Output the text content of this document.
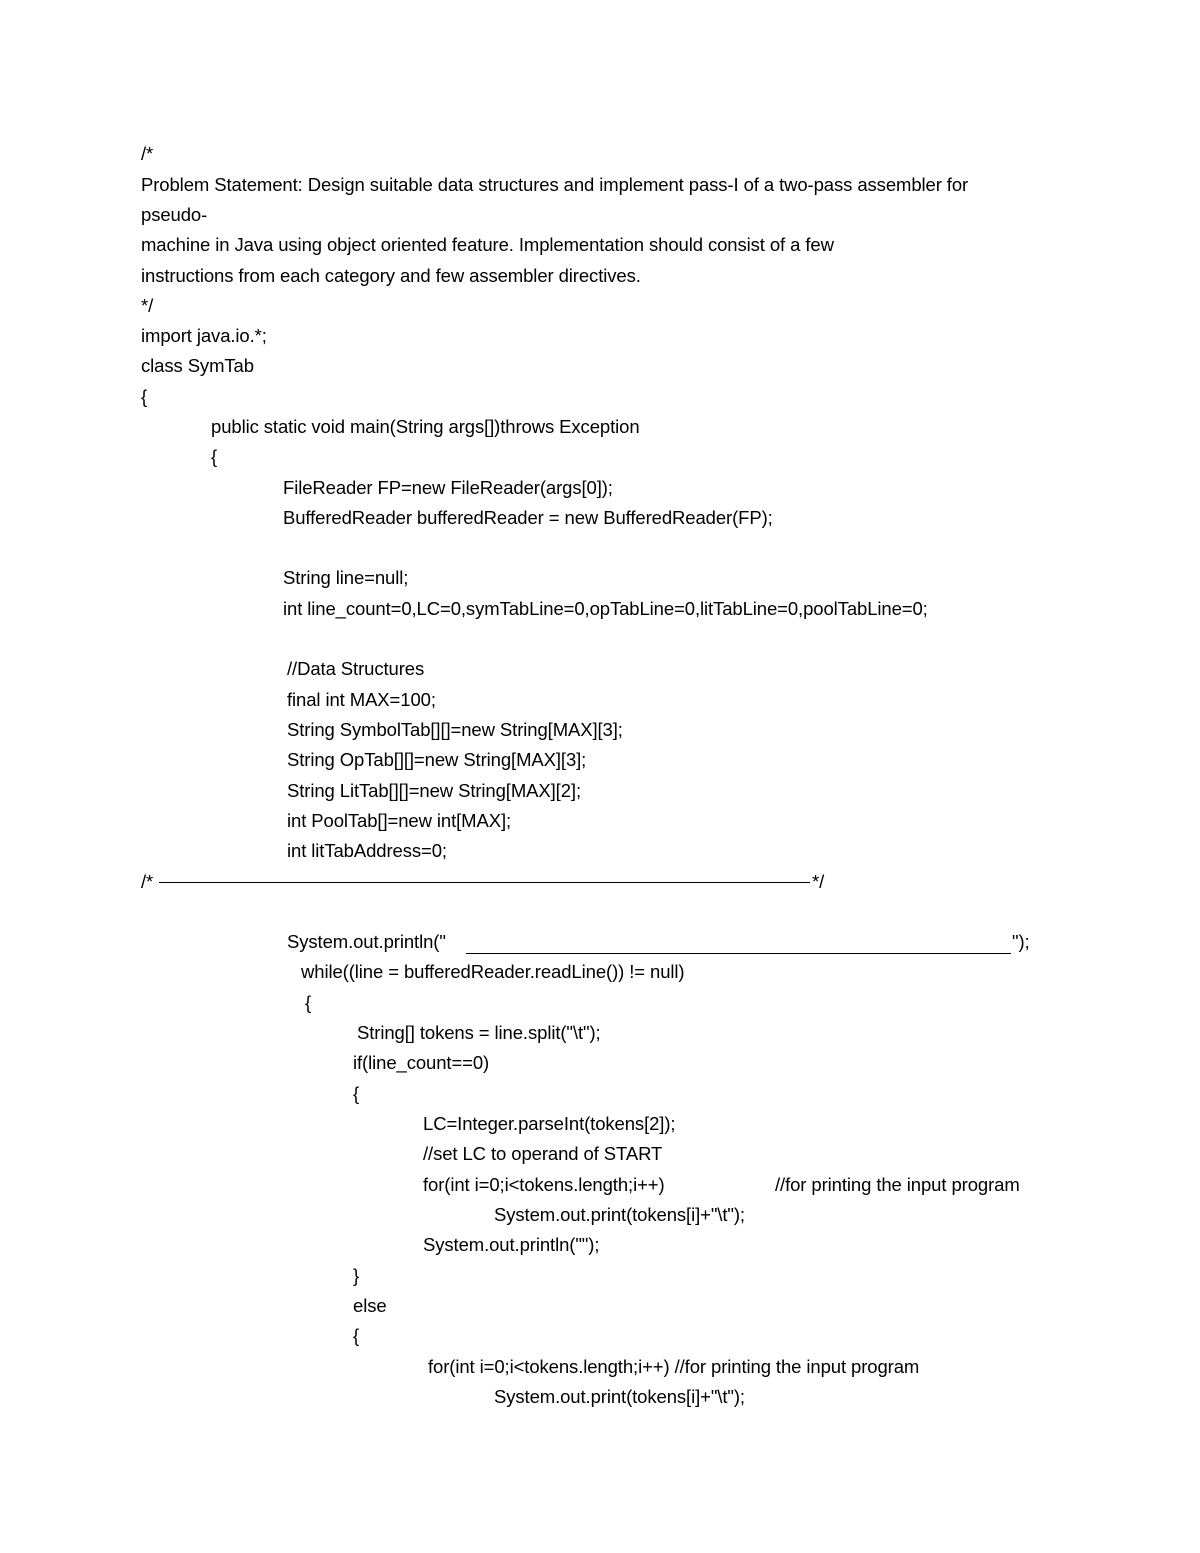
/*
Problem Statement: Design suitable data structures and implement pass-I of a two-pass assembler for
pseudo-
machine in Java using object oriented feature. Implementation should consist of a few
instructions from each category and few assembler directives.
*/
import java.io.*;
class SymTab
{
public static void main(String args[])throws Exception
{
FileReader FP=new FileReader(args[0]);
BufferedReader bufferedReader = new BufferedReader(FP);
String line=null;
int line_count=0,LC=0,symTabLine=0,opTabLine=0,litTabLine=0,poolTabLine=0;
//Data Structures
final int MAX=100;
String SymbolTab[][]=new String[MAX][3];
String OpTab[][]=new String[MAX][3];
String LitTab[][]=new String[MAX][2];
int PoolTab[]=new int[MAX];
int litTabAddress=0;
/*	*/
System.out.println("	");
while((line = bufferedReader.readLine()) != null)
{
String[] tokens = line.split("\t");
if(line_count==0)
{
LC=Integer.parseInt(tokens[2]);
//set LC to operand of START
for(int i=0;i<tokens.length;i++)	//for printing the input program
System.out.print(tokens[i]+"\t");
System.out.println("");
}
else
{
for(int i=0;i<tokens.length;i++) //for printing the input program
System.out.print(tokens[i]+"\t");
